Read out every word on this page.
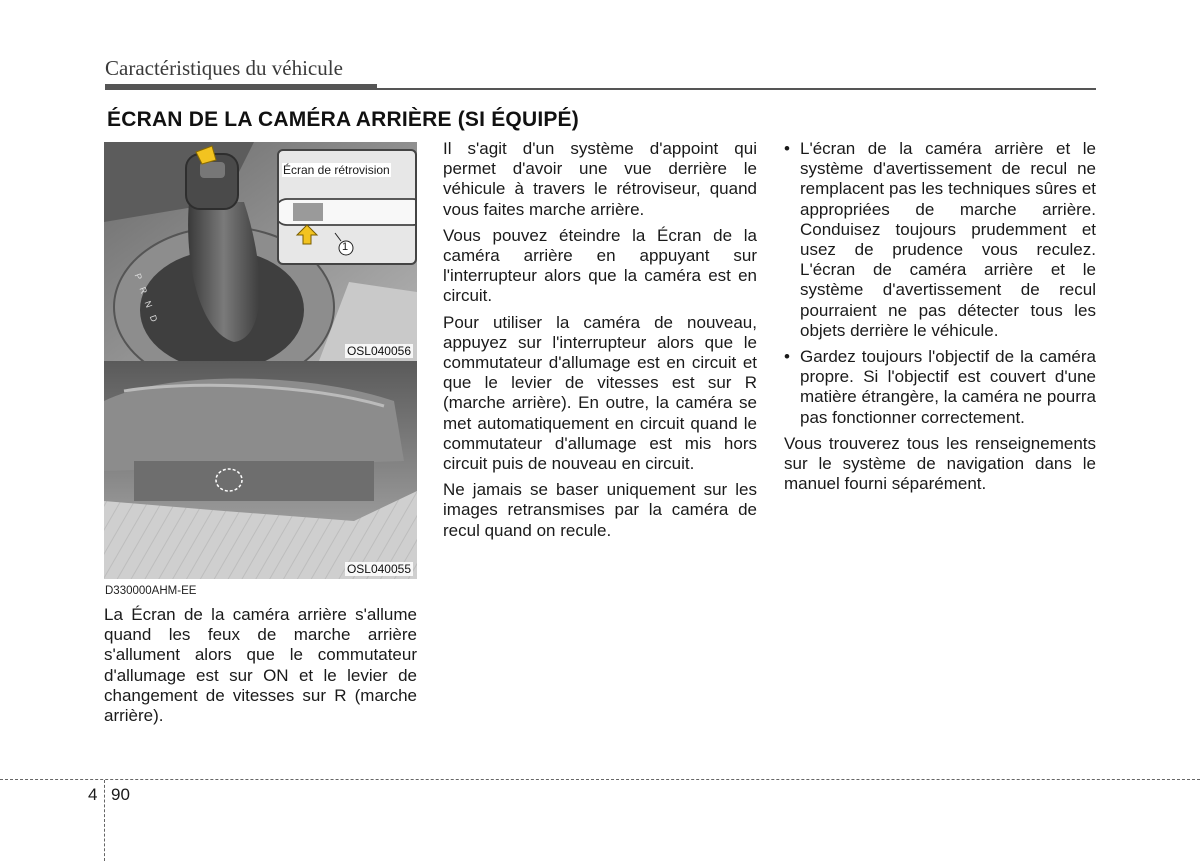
Caractéristiques du véhicule
ÉCRAN DE LA CAMÉRA ARRIÈRE (SI ÉQUIPÉ)
P R N D
Écran de rétrovision
1
OSL040056
OSL040055
D330000AHM-EE

La Écran de la caméra arrière s'allume quand les feux de marche arrière s'allument alors que le commutateur d'allumage est sur ON et le levier de changement de vitesses sur R (marche arrière).

Il s'agit d'un système d'appoint qui permet d'avoir une vue derrière le véhicule à travers le rétroviseur, quand vous faites marche arrière.

Vous pouvez éteindre la Écran de la caméra arrière en appuyant sur l'interrupteur alors que la caméra est en circuit.

Pour utiliser la caméra de nouveau, appuyez sur l'interrupteur alors que le commutateur d'allumage est en circuit et que le levier de vitesses est sur R (marche arrière). En outre, la caméra se met automatiquement en circuit quand le commutateur d'allumage est mis hors circuit puis de nouveau en circuit.

Ne jamais se baser uniquement sur les images retransmises par la caméra de recul quand on recule.

• L'écran de la caméra arrière et le système d'avertissement de recul ne remplacent pas les techniques sûres et appropriées de marche arrière. Conduisez toujours prudemment et usez de prudence vous reculez. L'écran de caméra arrière et le système d'avertissement de recul pourraient ne pas détecter tous les objets derrière le véhicule.
• Gardez toujours l'objectif de la caméra propre. Si l'objectif est couvert d'une matière étrangère, la caméra ne pourra pas fonctionner correctement.

Vous trouverez tous les renseignements sur le système de navigation dans le manuel fourni séparément.

4 90
